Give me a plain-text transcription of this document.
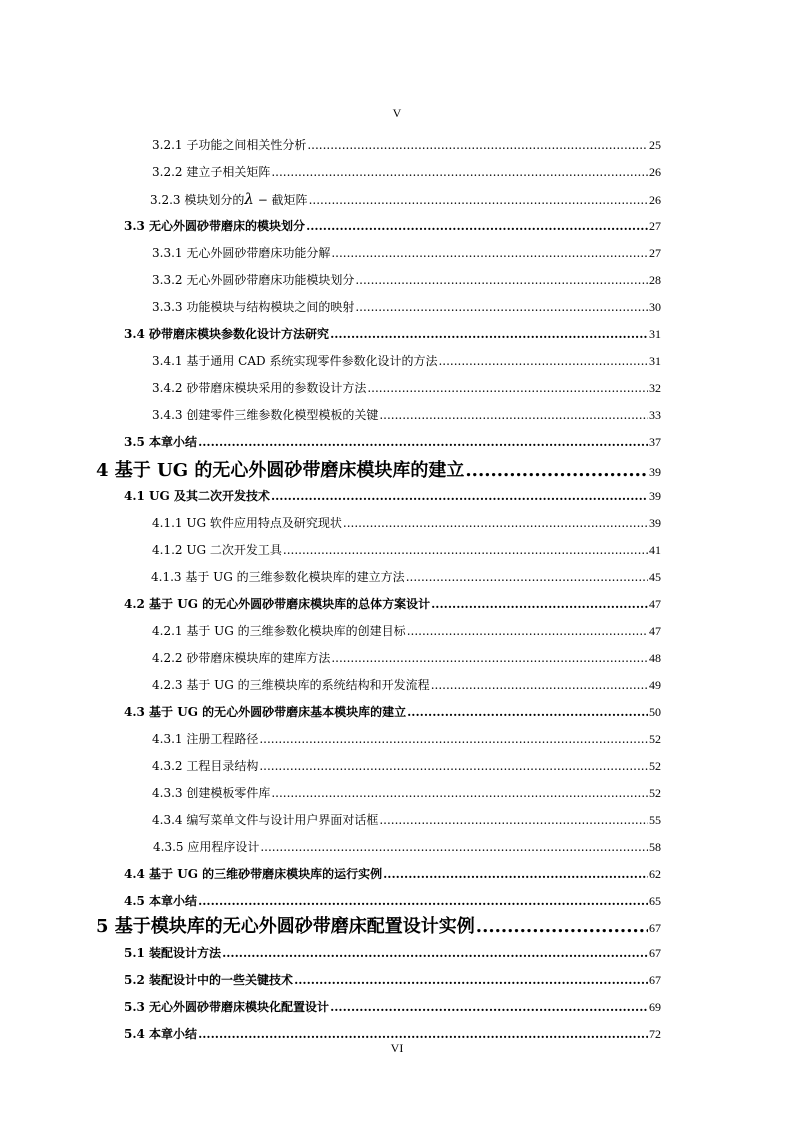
V
3.2.1 子功能之间相关性分析 .....	25
3.2.2 建立子相关矩阵 .....	26
3.2.3 模块划分的λ − 截矩阵 .....	26
3.3 无心外圆砂带磨床的模块划分 .....	27
3.3.1 无心外圆砂带磨床功能分解 .....	27
3.3.2 无心外圆砂带磨床功能模块划分 .....	28
3.3.3 功能模块与结构模块之间的映射 .....	30
3.4 砂带磨床模块参数化设计方法研究 .....	31
3.4.1 基于通用 CAD 系统实现零件参数化设计的方法 .....	31
3.4.2 砂带磨床模块采用的参数设计方法 .....	32
3.4.3 创建零件三维参数化模型模板的关键 .....	33
3.5 本章小结 .....	37
4 基于 UG 的无心外圆砂带磨床模块库的建立 .....	39
4.1 UG 及其二次开发技术 .....	39
4.1.1 UG 软件应用特点及研究现状 .....	39
4.1.2 UG 二次开发工具 .....	41
4.1.3 基于 UG 的三维参数化模块库的建立方法 .....	45
4.2 基于 UG 的无心外圆砂带磨床模块库的总体方案设计 .....	47
4.2.1 基于 UG 的三维参数化模块库的创建目标 .....	47
4.2.2 砂带磨床模块库的建库方法 .....	48
4.2.3 基于 UG 的三维模块库的系统结构和开发流程 .....	49
4.3 基于 UG 的无心外圆砂带磨床基本模块库的建立 .....	50
4.3.1 注册工程路径 .....	52
4.3.2 工程目录结构 .....	52
4.3.3 创建模板零件库 .....	52
4.3.4 编写菜单文件与设计用户界面对话框 .....	55
4.3.5 应用程序设计 .....	58
4.4 基于 UG 的三维砂带磨床模块库的运行实例 .....	62
4.5 本章小结 .....	65
5 基于模块库的无心外圆砂带磨床配置设计实例 .....	67
5.1 装配设计方法 .....	67
5.2 装配设计中的一些关键技术 .....	67
5.3 无心外圆砂带磨床模块化配置设计 .....	69
5.4 本章小结 .....	72
VI
